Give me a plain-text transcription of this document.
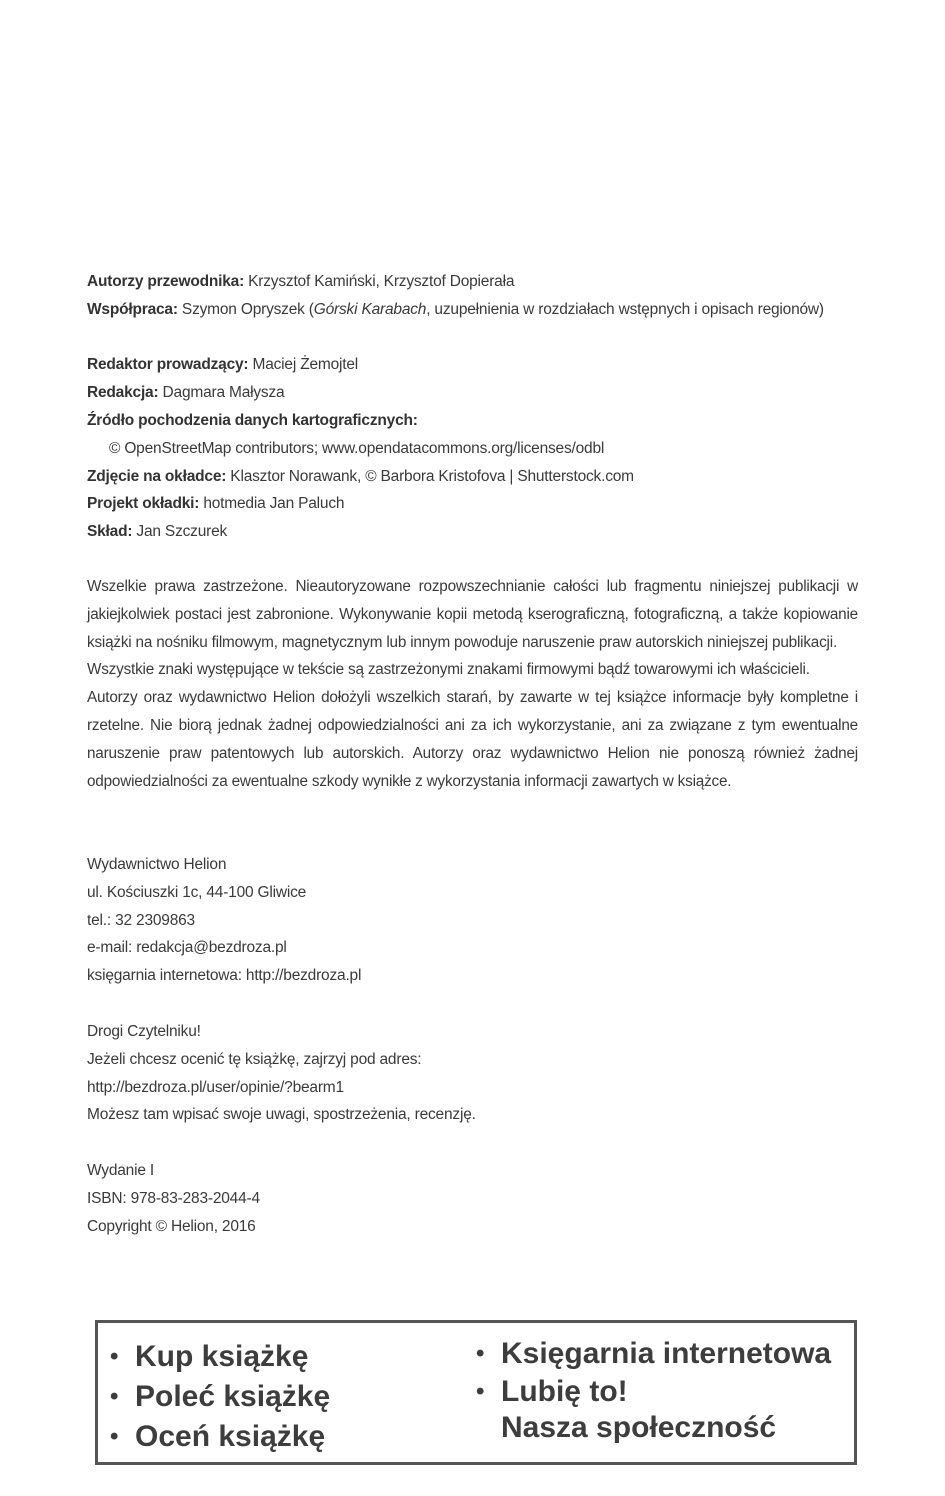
Autorzy przewodnika: Krzysztof Kamiński, Krzysztof Dopierała
Współpraca: Szymon Opryszek (Górski Karabach, uzupełnienia w rozdziałach wstępnych i opisach regionów)
Redaktor prowadzący: Maciej Żemojtel
Redakcja: Dagmara Małysza
Źródło pochodzenia danych kartograficznych:
© OpenStreetMap contributors; www.opendatacommons.org/licenses/odbl
Zdjęcie na okładce: Klasztor Norawank, © Barbora Kristofova | Shutterstock.com
Projekt okładki: hotmedia Jan Paluch
Skład: Jan Szczurek

Wszelkie prawa zastrzeżone. Nieautoryzowane rozpowszechnianie całości lub fragmentu niniejszej publikacji w jakiejkolwiek postaci jest zabronione. Wykonywanie kopii metodą kserograficzną, fotograficzną, a także kopiowanie książki na nośniku filmowym, magnetycznym lub innym powoduje naruszenie praw autorskich niniejszej publikacji.

Wszystkie znaki występujące w tekście są zastrzeżonymi znakami firmowymi bądź towarowymi ich właścicieli.

Autorzy oraz wydawnictwo Helion dołożyli wszelkich starań, by zawarte w tej książce informacje były kompletne i rzetelne. Nie biorą jednak żadnej odpowiedzialności ani za ich wykorzystanie, ani za związane z tym ewentualne naruszenie praw patentowych lub autorskich. Autorzy oraz wydawnictwo Helion nie ponoszą również żadnej odpowiedzialności za ewentualne szkody wynikłe z wykorzystania informacji zawartych w książce.

Wydawnictwo Helion
ul. Kościuszki 1c, 44-100 Gliwice
tel.: 32 2309863
e-mail: redakcja@bezdroza.pl
księgarnia internetowa: http://bezdroza.pl
Drogi Czytelniku!
Jeżeli chcesz ocenić tę książkę, zajrzyj pod adres:
http://bezdroza.pl/user/opinie/?bearm1
Możesz tam wpisać swoje uwagi, spostrzeżenia, recenzję.
Wydanie I
ISBN: 978-83-283-2044-4
Copyright © Helion, 2016
• Kup książkę
• Poleć książkę
• Oceń książkę
• Księgarnia internetowa
• Lubię to!
Nasza społeczność
